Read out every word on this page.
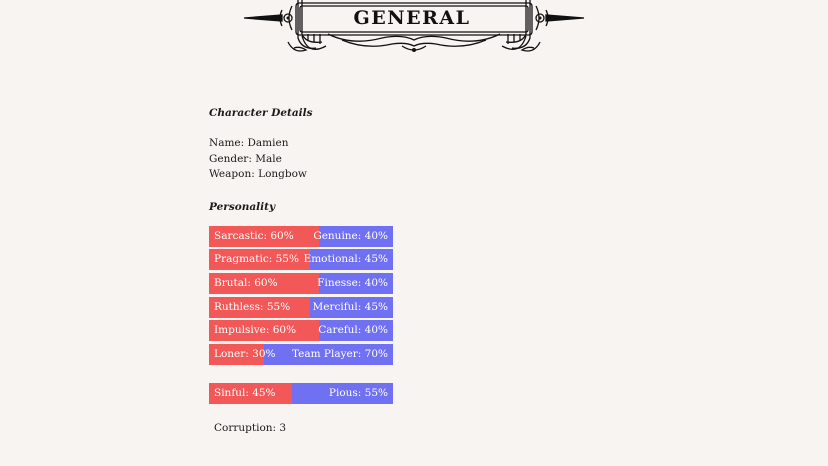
GENERAL
Character Details
Name: Damien
Gender: Male
Weapon: Longbow
Personality
Sarcastic: 60% Genuine: 40%
Pragmatic: 55% Emotional: 45%
Brutal: 60%	Finesse: 40%
Ruthless: 55% Merciful: 45%
Impulsive: 60% Careful: 40%
Loner: 30% Team Player: 70%
Sinful: 45%	Pious: 55%
Corruption: 3
